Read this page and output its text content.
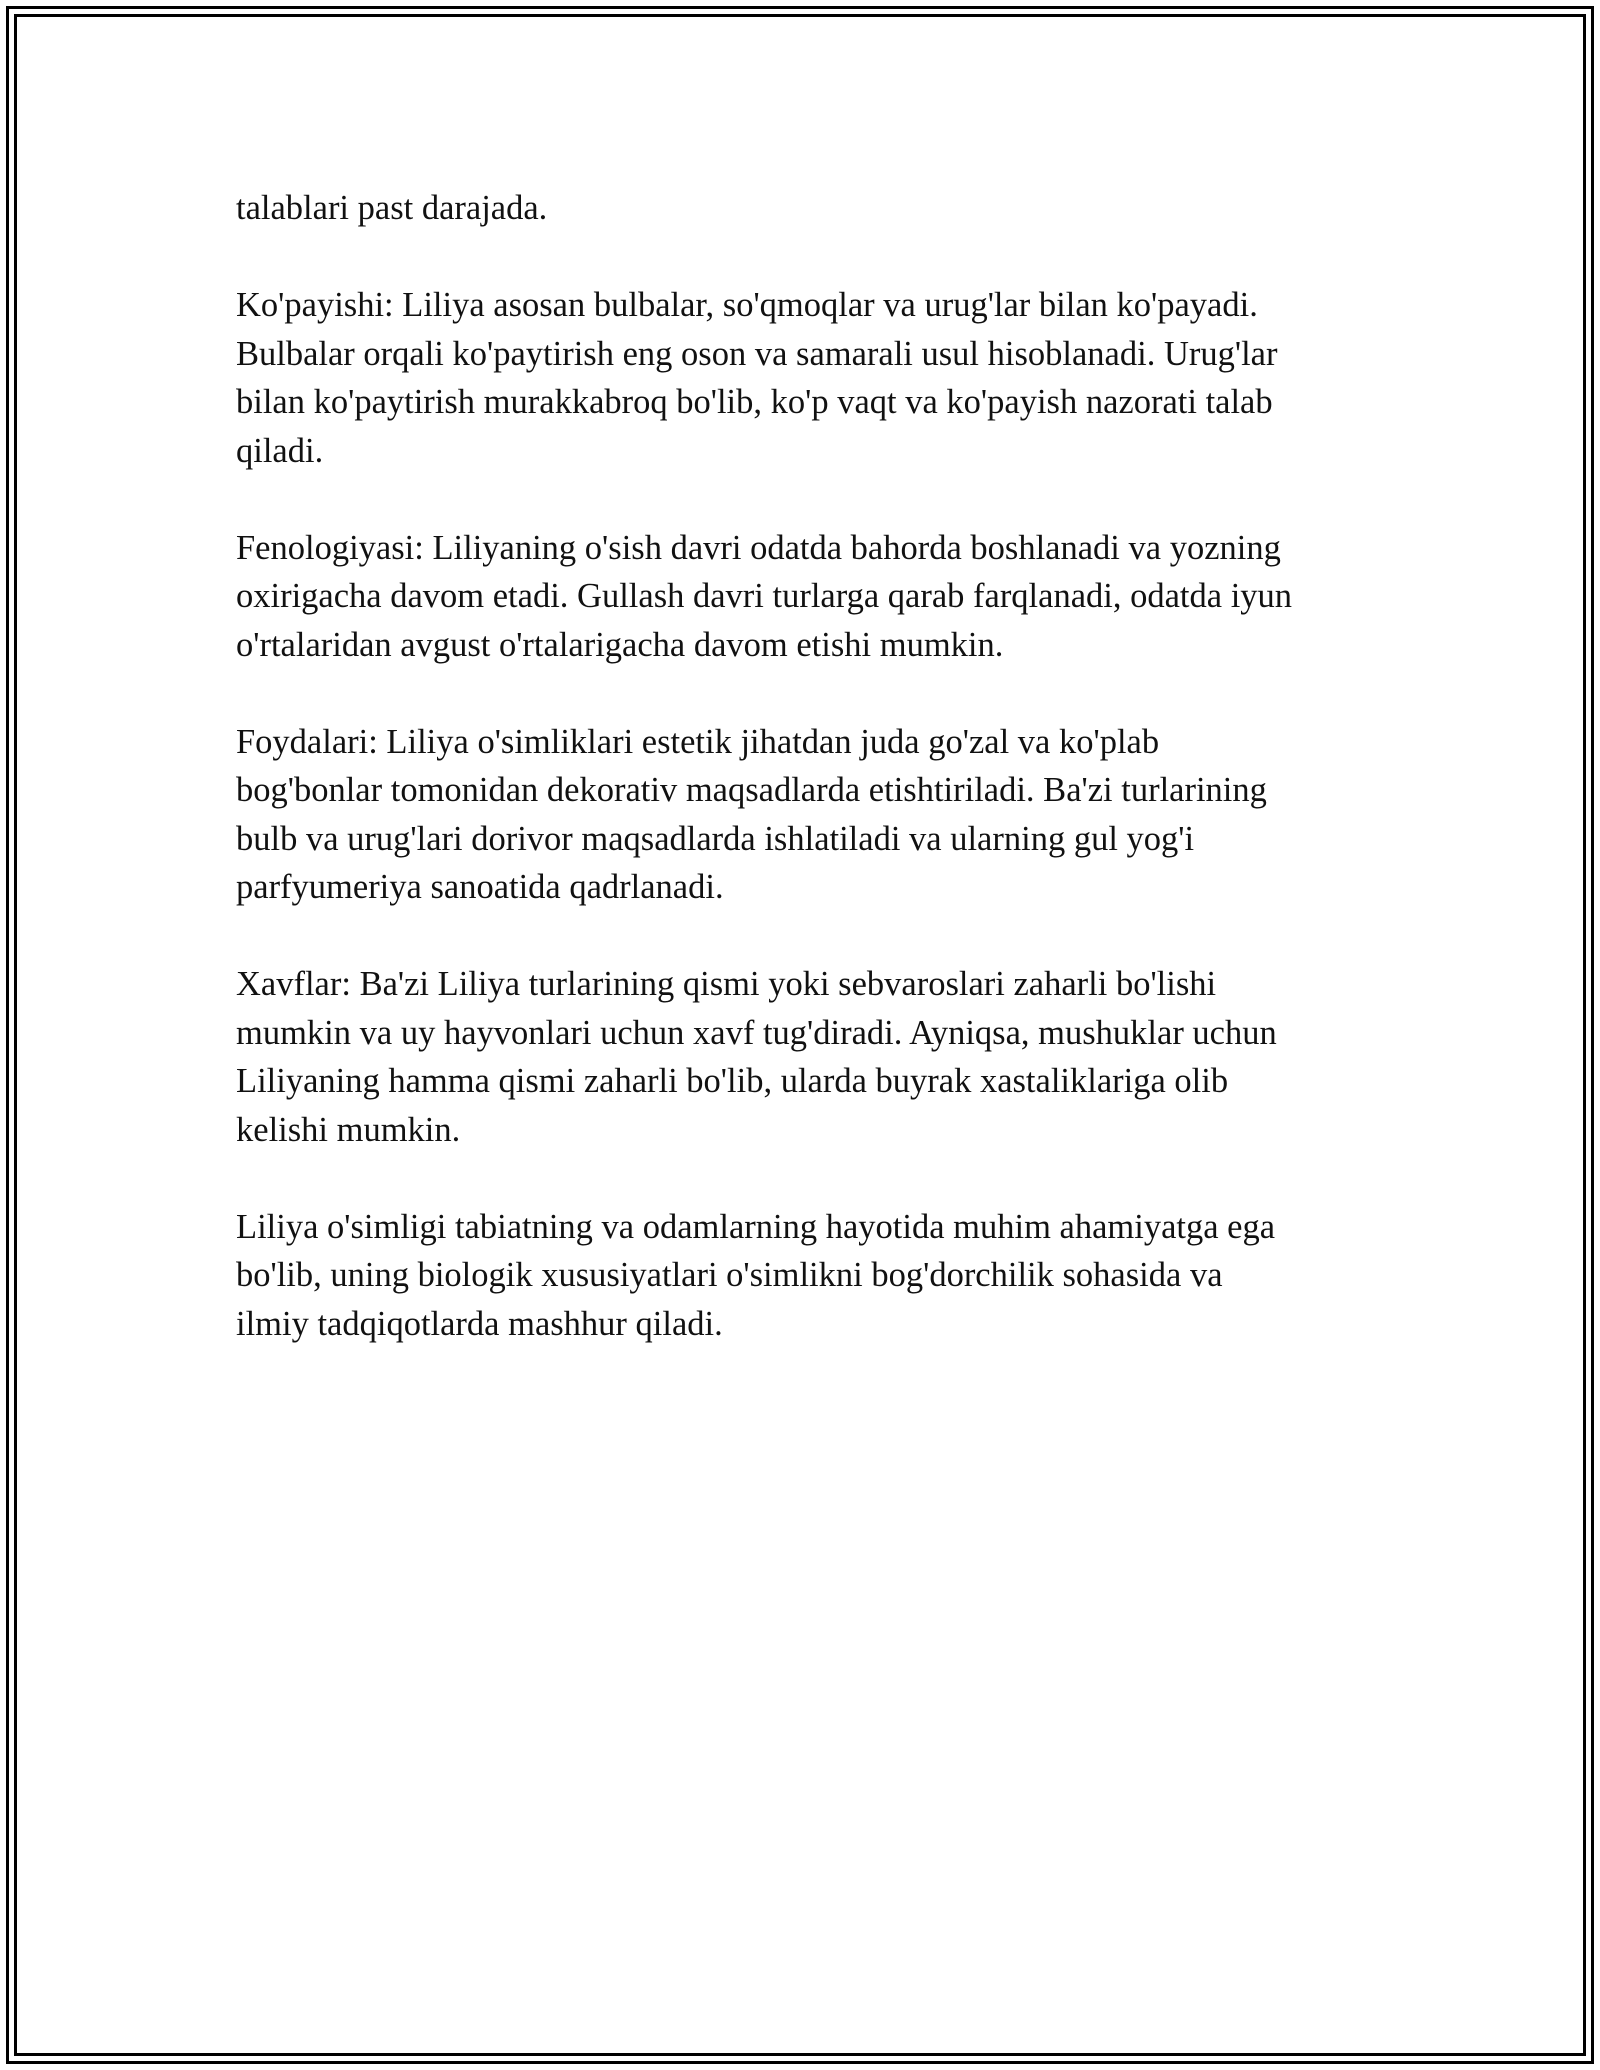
talablari past darajada.

Ko'payishi: Liliya asosan bulbalar, so'qmoqlar va urug'lar bilan ko'payadi.
Bulbalar orqali ko'paytirish eng oson va samarali usul hisoblanadi. Urug'lar
bilan ko'paytirish murakkabroq bo'lib, ko'p vaqt va ko'payish nazorati talab
qiladi.

Fenologiyasi: Liliyaning o'sish davri odatda bahorda boshlanadi va yozning
oxirigacha davom etadi. Gullash davri turlarga qarab farqlanadi, odatda iyun
o'rtalaridan avgust o'rtalarigacha davom etishi mumkin.

Foydalari: Liliya o'simliklari estetik jihatdan juda go'zal va ko'plab
bog'bonlar tomonidan dekorativ maqsadlarda etishtiriladi. Ba'zi turlarining
bulb va urug'lari dorivor maqsadlarda ishlatiladi va ularning gul yog'i
parfyumeriya sanoatida qadrlanadi.

Xavflar: Ba'zi Liliya turlarining qismi yoki sebvaroslari zaharli bo'lishi
mumkin va uy hayvonlari uchun xavf tug'diradi. Ayniqsa, mushuklar uchun
Liliyaning hamma qismi zaharli bo'lib, ularda buyrak xastaliklariga olib
kelishi mumkin.

Liliya o'simligi tabiatning va odamlarning hayotida muhim ahamiyatga ega
bo'lib, uning biologik xususiyatlari o'simlikni bog'dorchilik sohasida va
ilmiy tadqiqotlarda mashhur qiladi.
